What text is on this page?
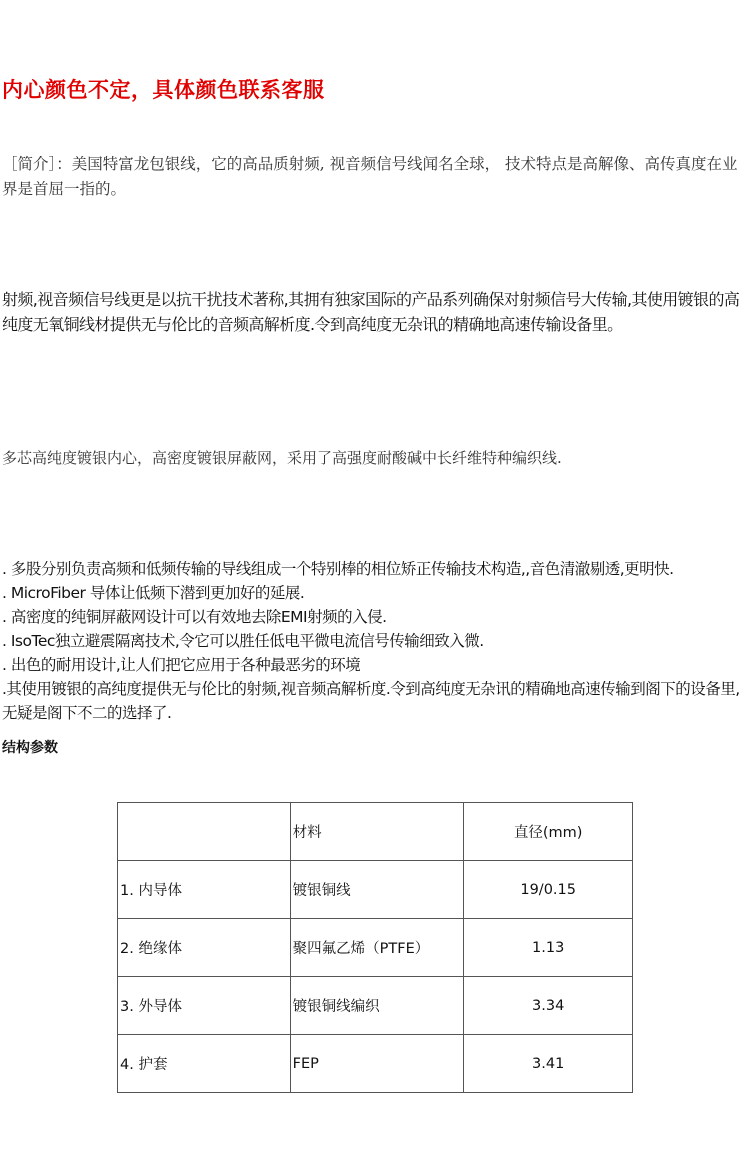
内心颜色不定，具体颜色联系客服
［简介］：美国特富龙包银线，它的高品质射频, 视音频信号线闻名全球， 技术特点是高解像、高传真度在业界是首屈一指的。
射频,视音频信号线更是以抗干扰技术著称,其拥有独家国际的产品系列确保对射频信号大传输,其使用镀银的高纯度无氧铜线材提供无与伦比的音频高解析度.令到高纯度无杂讯的精确地高速传输设备里。
多芯高纯度镀银内心，高密度镀银屏蔽网，采用了高强度耐酸碱中长纤维特种编织线.
. 多股分别负责高频和低频传输的导线组成一个特别棒的相位矫正传输技术构造,,音色清澈剔透,更明快.
. MicroFiber 导体让低频下潜到更加好的延展.
. 高密度的纯铜屏蔽网设计可以有效地去除EMI射频的入侵.
. IsoTec独立避震隔离技术,令它可以胜任低电平微电流信号传输细致入微.
. 出色的耐用设计,让人们把它应用于各种最恶劣的环境
.其使用镀银的高纯度提供无与伦比的射频,视音频高解析度.令到高纯度无杂讯的精确地高速传输到阁下的设备里,无疑是阁下不二的选择了.
结构参数
	材料	直径(mm)
1. 内导体	镀银铜线	19/0.15
2. 绝缘体	聚四氟乙烯（PTFE）	1.13
3. 外导体	镀银铜线编织	3.34
4. 护套	FEP	3.41
